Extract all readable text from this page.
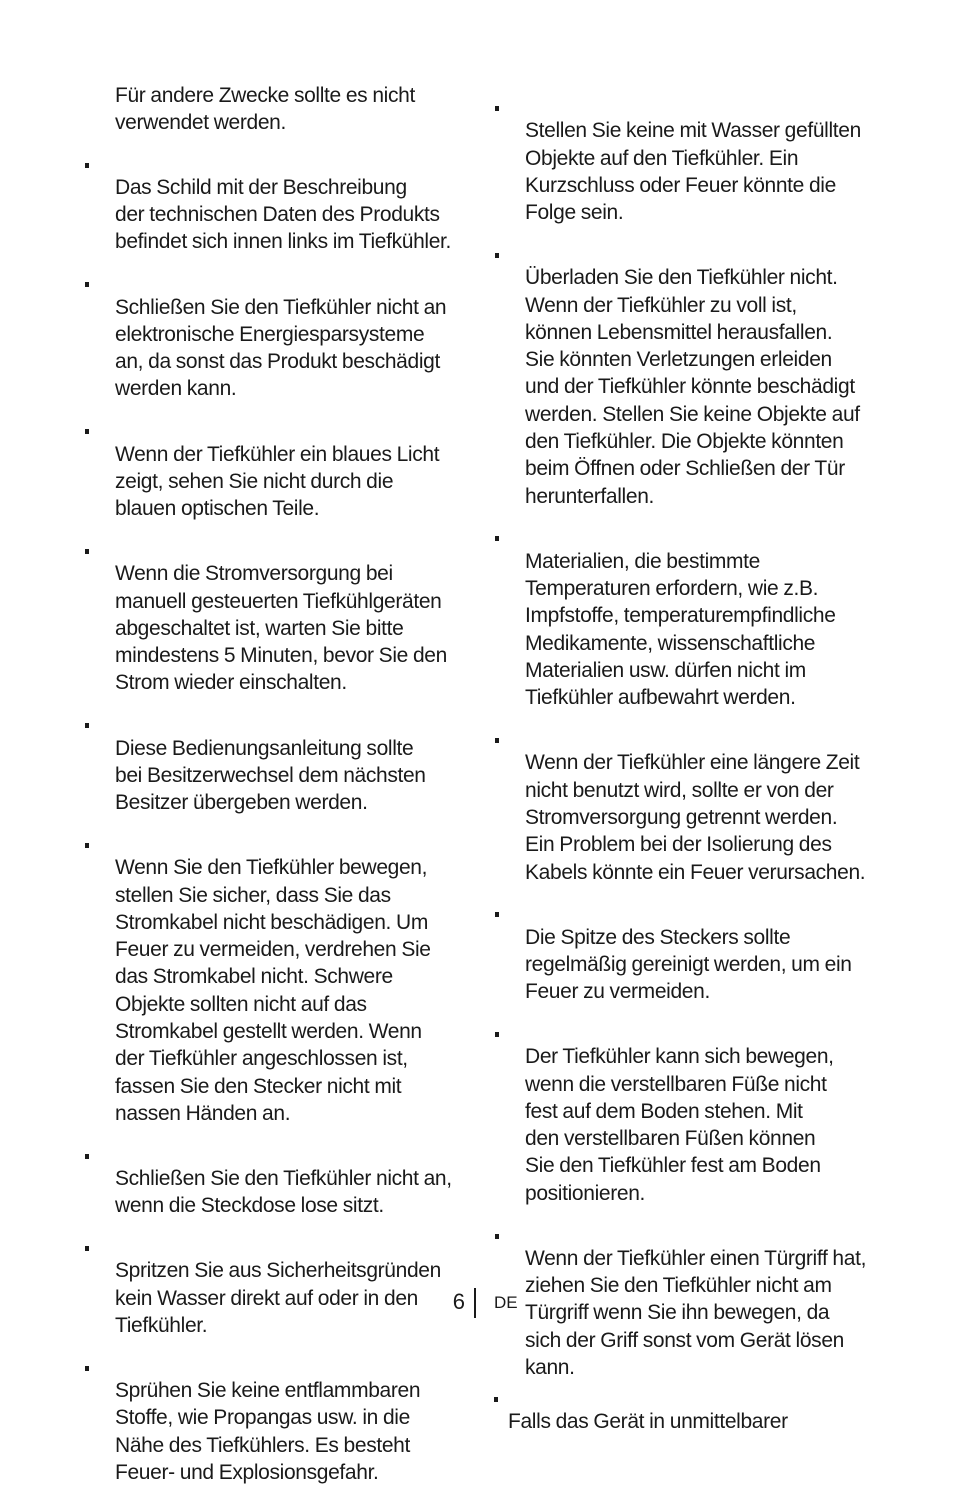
Für andere Zwecke sollte es nicht
verwendet werden.

Das Schild mit der Beschreibung
der technischen Daten des Produkts
befindet sich innen links im Tiefkühler.

Schließen Sie den Tiefkühler nicht an
elektronische Energiesparsysteme
an, da sonst das Produkt beschädigt
werden kann.

Wenn der Tiefkühler ein blaues Licht
zeigt, sehen Sie nicht durch die
blauen optischen Teile.

Wenn die Stromversorgung bei
manuell gesteuerten Tiefkühlgeräten
abgeschaltet ist, warten Sie bitte
mindestens 5 Minuten, bevor Sie den
Strom wieder einschalten.

Diese Bedienungsanleitung sollte
bei Besitzerwechsel dem nächsten
Besitzer übergeben werden.

Wenn Sie den Tiefkühler bewegen,
stellen Sie sicher, dass Sie das
Stromkabel nicht beschädigen. Um
Feuer zu vermeiden, verdrehen Sie
das Stromkabel nicht. Schwere
Objekte sollten nicht auf das
Stromkabel gestellt werden. Wenn
der Tiefkühler angeschlossen ist,
fassen Sie den Stecker nicht mit
nassen Händen an.

Schließen Sie den Tiefkühler nicht an,
wenn die Steckdose lose sitzt.

Spritzen Sie aus Sicherheitsgründen
kein Wasser direkt auf oder in den
Tiefkühler.

Sprühen Sie keine entflammbaren
Stoffe, wie Propangas usw. in die
Nähe des Tiefkühlers. Es besteht
Feuer- und Explosionsgefahr.

Stellen Sie keine mit Wasser gefüllten
Objekte auf den Tiefkühler. Ein
Kurzschluss oder Feuer könnte die
Folge sein.

Überladen Sie den Tiefkühler nicht.
Wenn der Tiefkühler zu voll ist,
können Lebensmittel herausfallen.
Sie könnten Verletzungen erleiden
und der Tiefkühler könnte beschädigt
werden. Stellen Sie keine Objekte auf
den Tiefkühler. Die Objekte könnten
beim Öffnen oder Schließen der Tür
herunterfallen.

Materialien, die bestimmte
Temperaturen erfordern, wie z.B.
Impfstoffe, temperaturempfindliche
Medikamente, wissenschaftliche
Materialien usw. dürfen nicht im
Tiefkühler aufbewahrt werden.

Wenn der Tiefkühler eine längere Zeit
nicht benutzt wird, sollte er von der
Stromversorgung getrennt werden.
Ein Problem bei der Isolierung des
Kabels könnte ein Feuer verursachen.

Die Spitze des Steckers sollte
regelmäßig gereinigt werden, um ein
Feuer zu vermeiden.

Der Tiefkühler kann sich bewegen,
wenn die verstellbaren Füße nicht
fest auf dem Boden stehen. Mit
den verstellbaren Füßen können
Sie den Tiefkühler fest am Boden
positionieren.

Wenn der Tiefkühler einen Türgriff hat,
ziehen Sie den Tiefkühler nicht am
Türgriff wenn Sie ihn bewegen, da
sich der Griff sonst vom Gerät lösen
kann.

Falls das Gerät in unmittelbarer

6 DE
